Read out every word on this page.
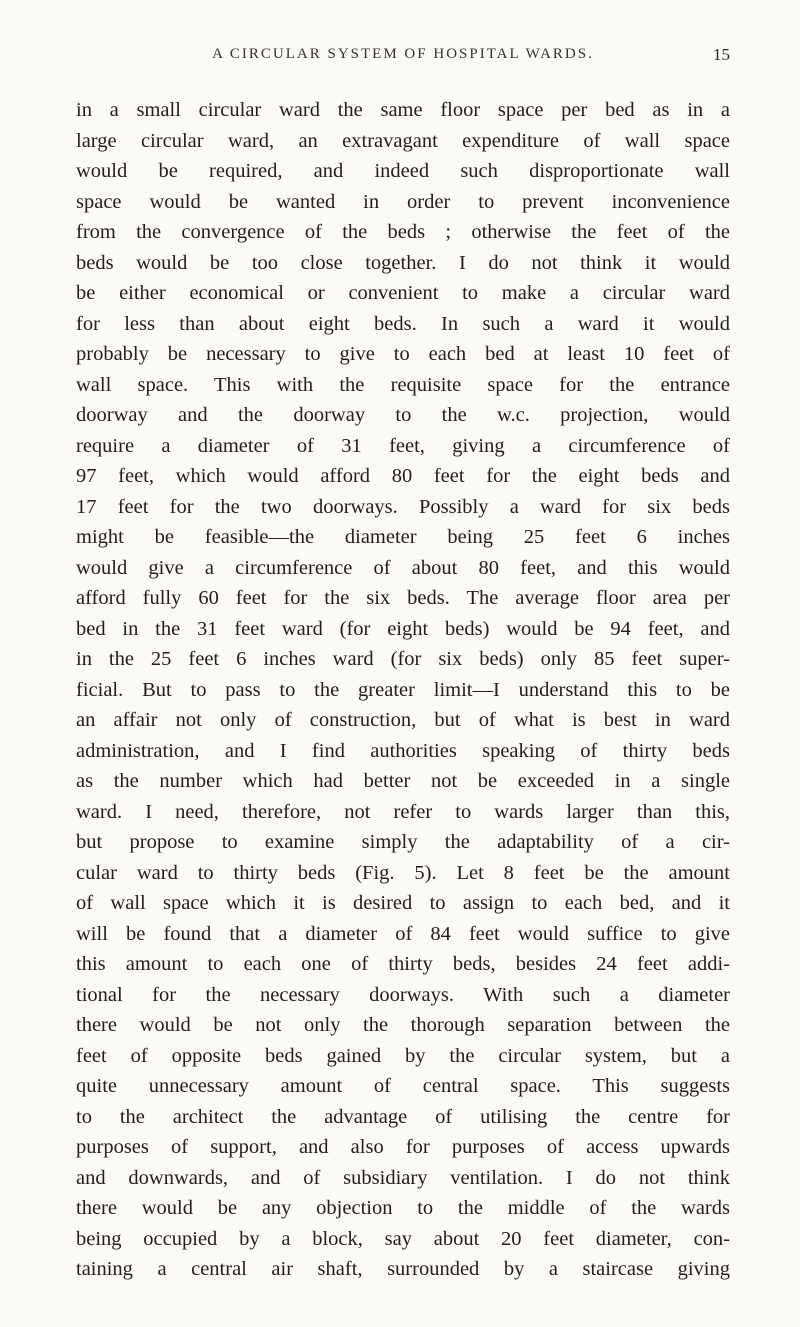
A CIRCULAR SYSTEM OF HOSPITAL WARDS.	15
in a small circular ward the same floor space per bed as in a
large circular ward, an extravagant expenditure of wall space
would be required, and indeed such disproportionate wall
space would be wanted in order to prevent inconvenience
from the convergence of the beds ; otherwise the feet of the
beds would be too close together. I do not think it would
be either economical or convenient to make a circular ward
for less than about eight beds. In such a ward it would
probably be necessary to give to each bed at least 10 feet of
wall space. This with the requisite space for the entrance
doorway and the doorway to the w.c. projection, would
require a diameter of 31 feet, giving a circumference of
97 feet, which would afford 80 feet for the eight beds and
17 feet for the two doorways. Possibly a ward for six beds
might be feasible—the diameter being 25 feet 6 inches
would give a circumference of about 80 feet, and this would
afford fully 60 feet for the six beds. The average floor area per
bed in the 31 feet ward (for eight beds) would be 94 feet, and
in the 25 feet 6 inches ward (for six beds) only 85 feet super-
ficial. But to pass to the greater limit—I understand this to be
an affair not only of construction, but of what is best in ward
administration, and I find authorities speaking of thirty beds
as the number which had better not be exceeded in a single
ward. I need, therefore, not refer to wards larger than this,
but propose to examine simply the adaptability of a cir-
cular ward to thirty beds (Fig. 5). Let 8 feet be the amount
of wall space which it is desired to assign to each bed, and it
will be found that a diameter of 84 feet would suffice to give
this amount to each one of thirty beds, besides 24 feet addi-
tional for the necessary doorways. With such a diameter
there would be not only the thorough separation between the
feet of opposite beds gained by the circular system, but a
quite unnecessary amount of central space. This suggests
to the architect the advantage of utilising the centre for
purposes of support, and also for purposes of access upwards
and downwards, and of subsidiary ventilation. I do not think
there would be any objection to the middle of the wards
being occupied by a block, say about 20 feet diameter, con-
taining a central air shaft, surrounded by a staircase giving
